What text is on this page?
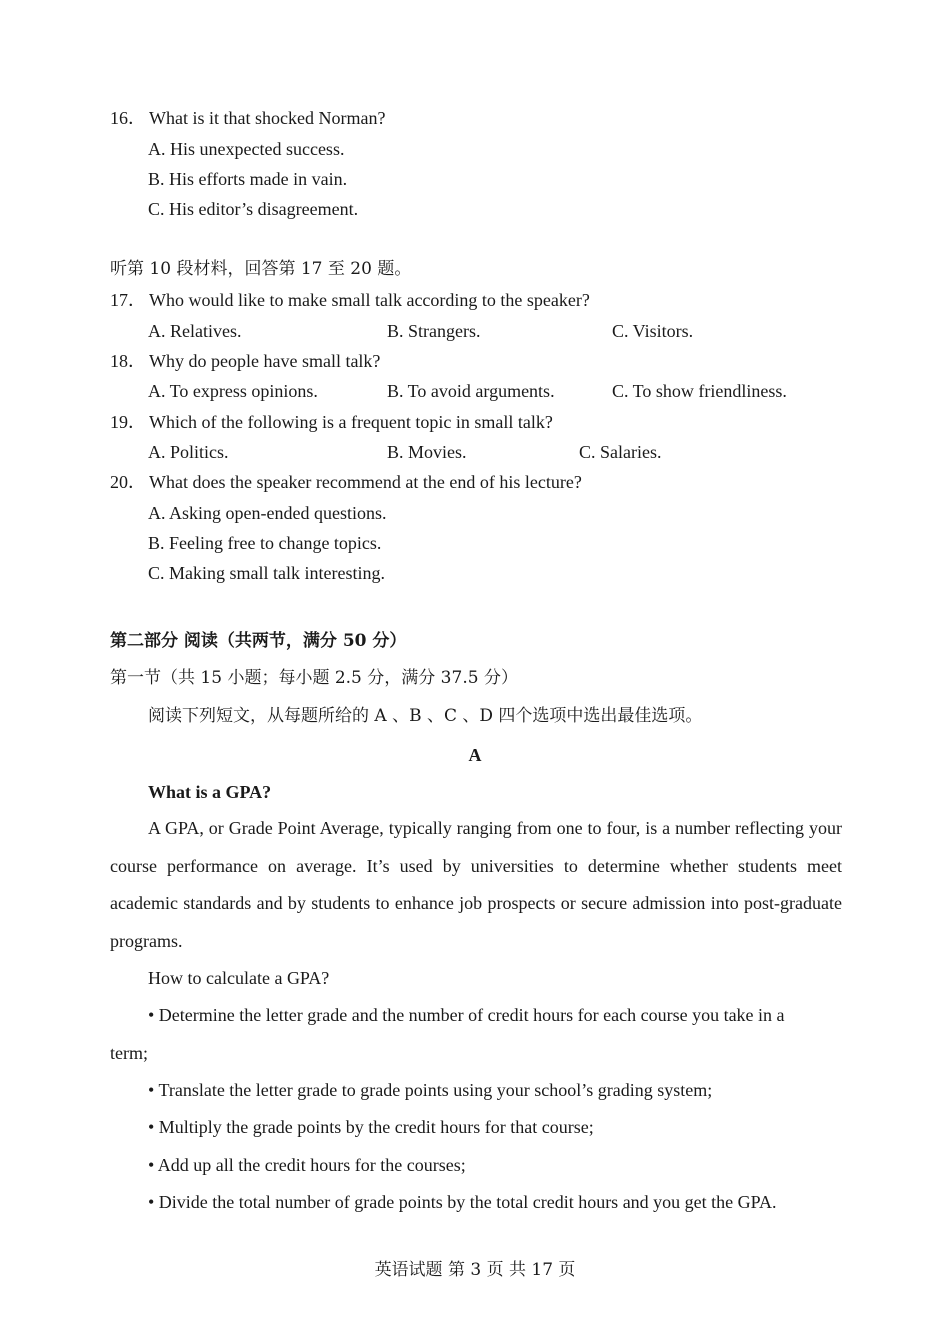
16． What is it that shocked Norman?
A. His unexpected success.
B. His efforts made in vain.
C. His editor’s disagreement.
听第 10 段材料，回答第 17 至 20 题。
17． Who would like to make small talk according to the speaker?
A. Relatives.	B. Strangers.	C. Visitors.
18． Why do people have small talk?
A. To express opinions.	B. To avoid arguments.	C. To show friendliness.
19． Which of the following is a frequent topic in small talk?
A. Politics.	B. Movies.	C. Salaries.
20． What does the speaker recommend at the end of his lecture?
A. Asking open-ended questions.
B. Feeling free to change topics.
C. Making small talk interesting.
第二部分 阅读（共两节，满分 50 分）
第一节（共 15 小题；每小题 2.5 分，满分 37.5 分）
阅读下列短文，从每题所给的 A 、B 、C 、D 四个选项中选出最佳选项。
A
What is a GPA?
A GPA, or Grade Point Average, typically ranging from one to four, is a number reflecting your course performance on average. It’s used by universities to determine whether students meet academic standards and by students to enhance job prospects or secure admission into post-graduate programs.
How to calculate a GPA?
• Determine the letter grade and the number of credit hours for each course you take in a
term;
• Translate the letter grade to grade points using your school’s grading system;
• Multiply the grade points by the credit hours for that course;
• Add up all the credit hours for the courses;
• Divide the total number of grade points by the total credit hours and you get the GPA.
英语试题 第 3 页 共 17 页
